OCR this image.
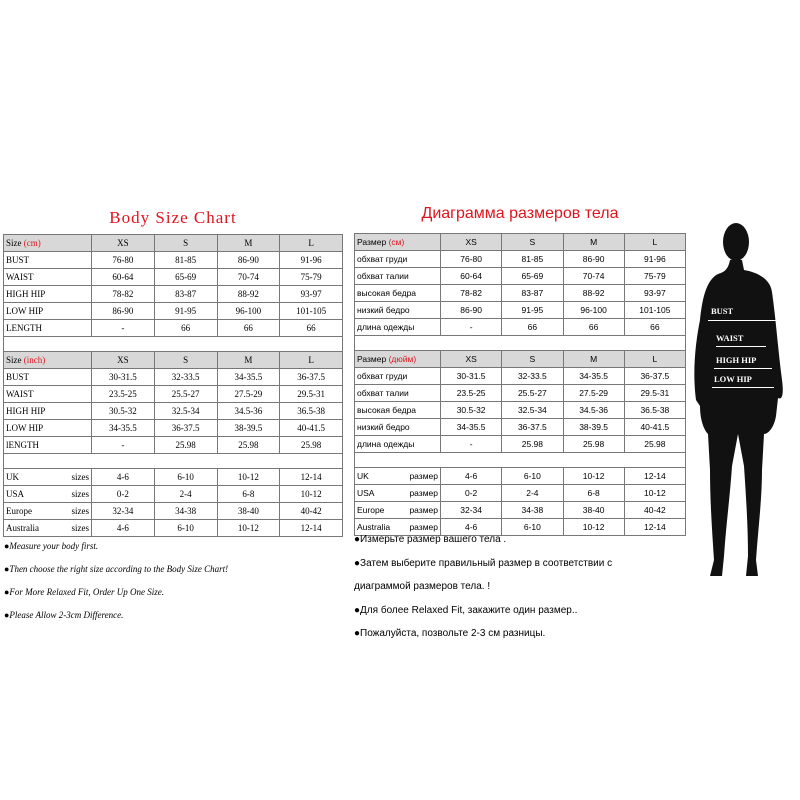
Body Size Chart	Диаграмма размеров тела
Size (cm)	XS	S	M	L
BUST	76-80	81-85	86-90	91-96
WAIST	60-64	65-69	70-74	75-79
HIGH HIP	78-82	83-87	88-92	93-97
LOW HIP	86-90	91-95	96-100	101-105
LENGTH	-	66	66	66

Size (inch)	XS	S	M	L
BUST	30-31.5	32-33.5	34-35.5	36-37.5
WAIST	23.5-25	25.5-27	27.5-29	29.5-31
HIGH HIP	30.5-32	32.5-34	34.5-36	36.5-38
LOW HIP	34-35.5	36-37.5	38-39.5	40-41.5
lENGTH	-	25.98	25.98	25.98

UK sizes	4-6	6-10	10-12	12-14

USA sizes	0-2	2-4	6-8	10-12

Europe sizes	32-34	34-38	38-40	40-42

Australia sizes	4-6	6-10	10-12	12-14
Размер (см)	XS	S	M	L
обхват груди	76-80	81-85	86-90	91-96
обхват талии	60-64	65-69	70-74	75-79
высокая бедра	78-82	83-87	88-92	93-97
низкий бедро	86-90	91-95	96-100	101-105
длина одежды	-	66	66	66

Размер (дюйм)	XS	S	M	L
обхват груди	30-31.5	32-33.5	34-35.5	36-37.5
обхват талии	23.5-25	25.5-27	27.5-29	29.5-31
высокая бедра	30.5-32	32.5-34	34.5-36	36.5-38
низкий бедро	34-35.5	36-37.5	38-39.5	40-41.5
длина одежды	-	25.98	25.98	25.98

UK размер	4-6	6-10	10-12	12-14

USA размер	0-2	2-4	6-8	10-12

Europe размер	32-34	34-38	38-40	40-42

Australia размер	4-6	6-10	10-12	12-14
●Measure your body first.
●Then choose the right size according to the Body Size Chart!
●For More Relaxed Fit, Order Up One Size.
●Please Allow 2-3cm Difference.
●Измерьте размер вашего тела .
●Затем выберите правильный размер в соответствии с
диаграммой размеров тела. !
●Для более Relaxed Fit, закажите один размер..
●Пожалуйста, позвольте 2-3 см разницы.
BUST
WAIST
HIGH HIP
LOW HIP
